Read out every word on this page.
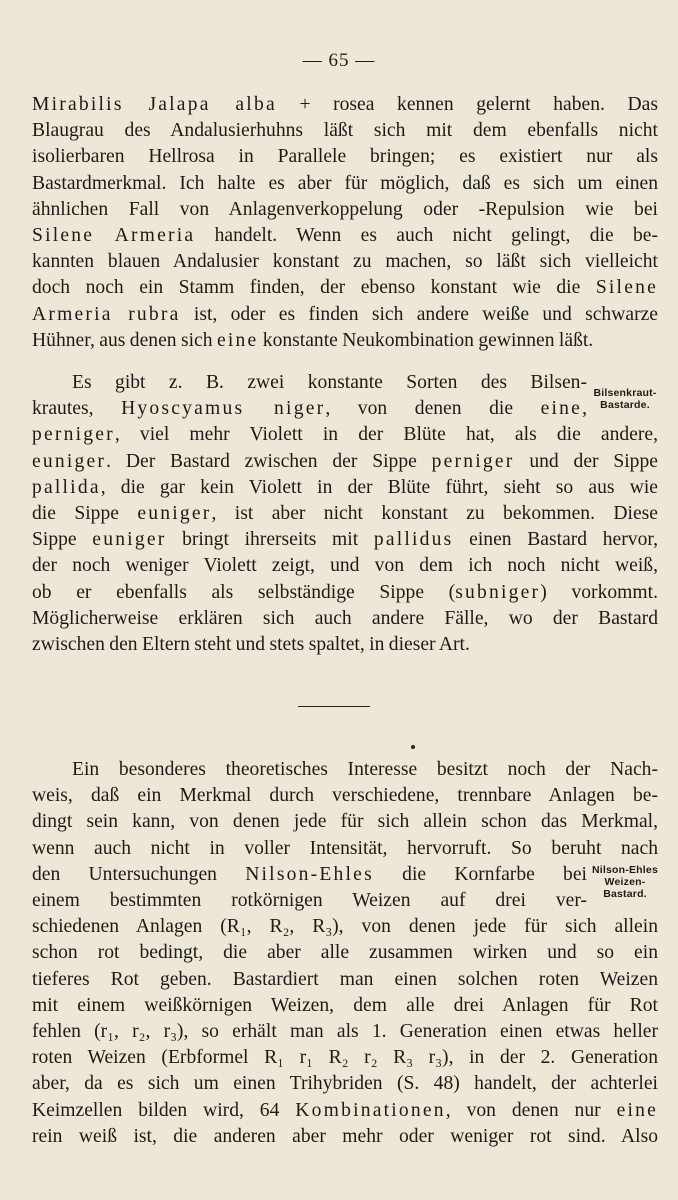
— 65 —

Mirabilis Jalapa alba + rosea kennen gelernt haben. Das
Blaugrau des Andalusierhuhns läßt sich mit dem ebenfalls nicht
isolierbaren Hellrosa in Parallele bringen; es existiert nur als
Bastardmerkmal. Ich halte es aber für möglich, daß es sich um einen
ähnlichen Fall von Anlagenverkoppelung oder -Repulsion wie bei
Silene Armeria handelt. Wenn es auch nicht gelingt, die be-
kannten blauen Andalusier konstant zu machen, so läßt sich vielleicht
doch noch ein Stamm finden, der ebenso konstant wie die Silene
Armeria rubra ist, oder es finden sich andere weiße und schwarze
Hühner, aus denen sich eine konstante Neukombination gewinnen läßt.

Es gibt z. B. zwei konstante Sorten des Bilsen-
krautes, Hyoscyamus niger, von denen die eine,
perniger, viel mehr Violett in der Blüte hat, als die andere,
euniger. Der Bastard zwischen der Sippe perniger und der Sippe
pallida, die gar kein Violett in der Blüte führt, sieht so aus wie
die Sippe euniger, ist aber nicht konstant zu bekommen. Diese
Sippe euniger bringt ihrerseits mit pallidus einen Bastard hervor,
der noch weniger Violett zeigt, und von dem ich noch nicht weiß,
ob er ebenfalls als selbständige Sippe (subniger) vorkommt.
Möglicherweise erklären sich auch andere Fälle, wo der Bastard
zwischen den Eltern steht und stets spaltet, in dieser Art.

Bilsenkraut-
Bastarde.

Ein besonderes theoretisches Interesse besitzt noch der Nach-
weis, daß ein Merkmal durch verschiedene, trennbare Anlagen be-
dingt sein kann, von denen jede für sich allein schon das Merkmal,
wenn auch nicht in voller Intensität, hervorruft. So beruht nach
den Untersuchungen Nilson-Ehles die Kornfarbe bei
einem bestimmten rotkörnigen Weizen auf drei ver-
schiedenen Anlagen (R₁, R₂, R₃), von denen jede für sich allein
schon rot bedingt, die aber alle zusammen wirken und so ein
tieferes Rot geben. Bastardiert man einen solchen roten Weizen
mit einem weißkörnigen Weizen, dem alle drei Anlagen für Rot
fehlen (r₁, r₂, r₃), so erhält man als 1. Generation einen etwas heller
roten Weizen (Erbformel R₁ r₁ R₂ r₂ R₃ r₃), in der 2. Generation
aber, da es sich um einen Trihybriden (S. 48) handelt, der achterlei
Keimzellen bilden wird, 64 Kombinationen, von denen nur eine
rein weiß ist, die anderen aber mehr oder weniger rot sind. Also

Nilson-Ehles
Weizen-
Bastard.
